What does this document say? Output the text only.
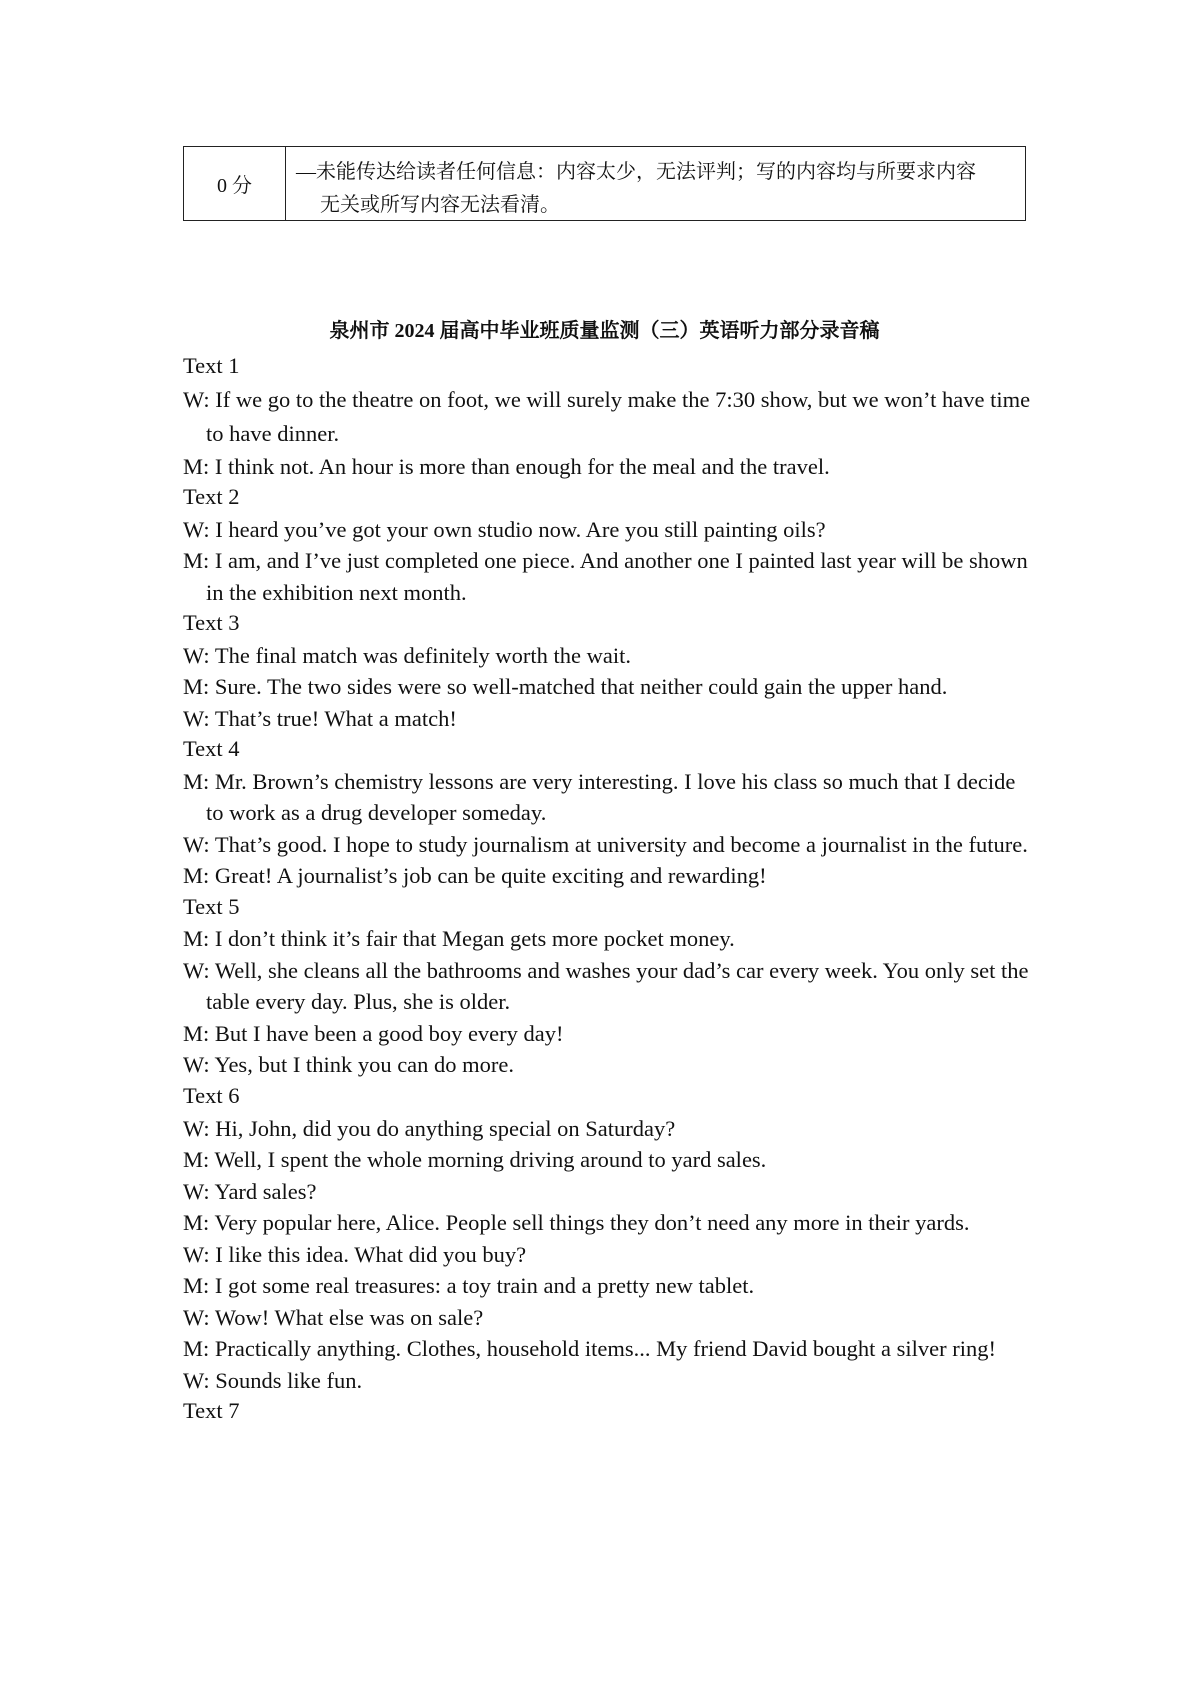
0 分
—未能传达给读者任何信息：内容太少，无法评判；写的内容均与所要求内容
无关或所写内容无法看清。
泉州市 2024 届高中毕业班质量监测（三）英语听力部分录音稿
Text 1
W: If we go to the theatre on foot, we will surely make the 7:30 show, but we won’t have time to have dinner.
M: I think not. An hour is more than enough for the meal and the travel.
Text 2
W: I heard you’ve got your own studio now. Are you still painting oils?
M: I am, and I’ve just completed one piece. And another one I painted last year will be shown in the exhibition next month.
Text 3
W: The final match was definitely worth the wait.
M: Sure. The two sides were so well-matched that neither could gain the upper hand.
W: That’s true! What a match!
Text 4
M: Mr. Brown’s chemistry lessons are very interesting. I love his class so much that I decide to work as a drug developer someday.
W: That’s good. I hope to study journalism at university and become a journalist in the future.
M: Great! A journalist’s job can be quite exciting and rewarding!
Text 5
M: I don’t think it’s fair that Megan gets more pocket money.
W: Well, she cleans all the bathrooms and washes your dad’s car every week. You only set the table every day. Plus, she is older.
M: But I have been a good boy every day!
W: Yes, but I think you can do more.
Text 6
W: Hi, John, did you do anything special on Saturday?
M: Well, I spent the whole morning driving around to yard sales.
W: Yard sales?
M: Very popular here, Alice. People sell things they don’t need any more in their yards.
W: I like this idea. What did you buy?
M: I got some real treasures: a toy train and a pretty new tablet.
W: Wow! What else was on sale?
M: Practically anything. Clothes, household items... My friend David bought a silver ring!
W: Sounds like fun.
Text 7
